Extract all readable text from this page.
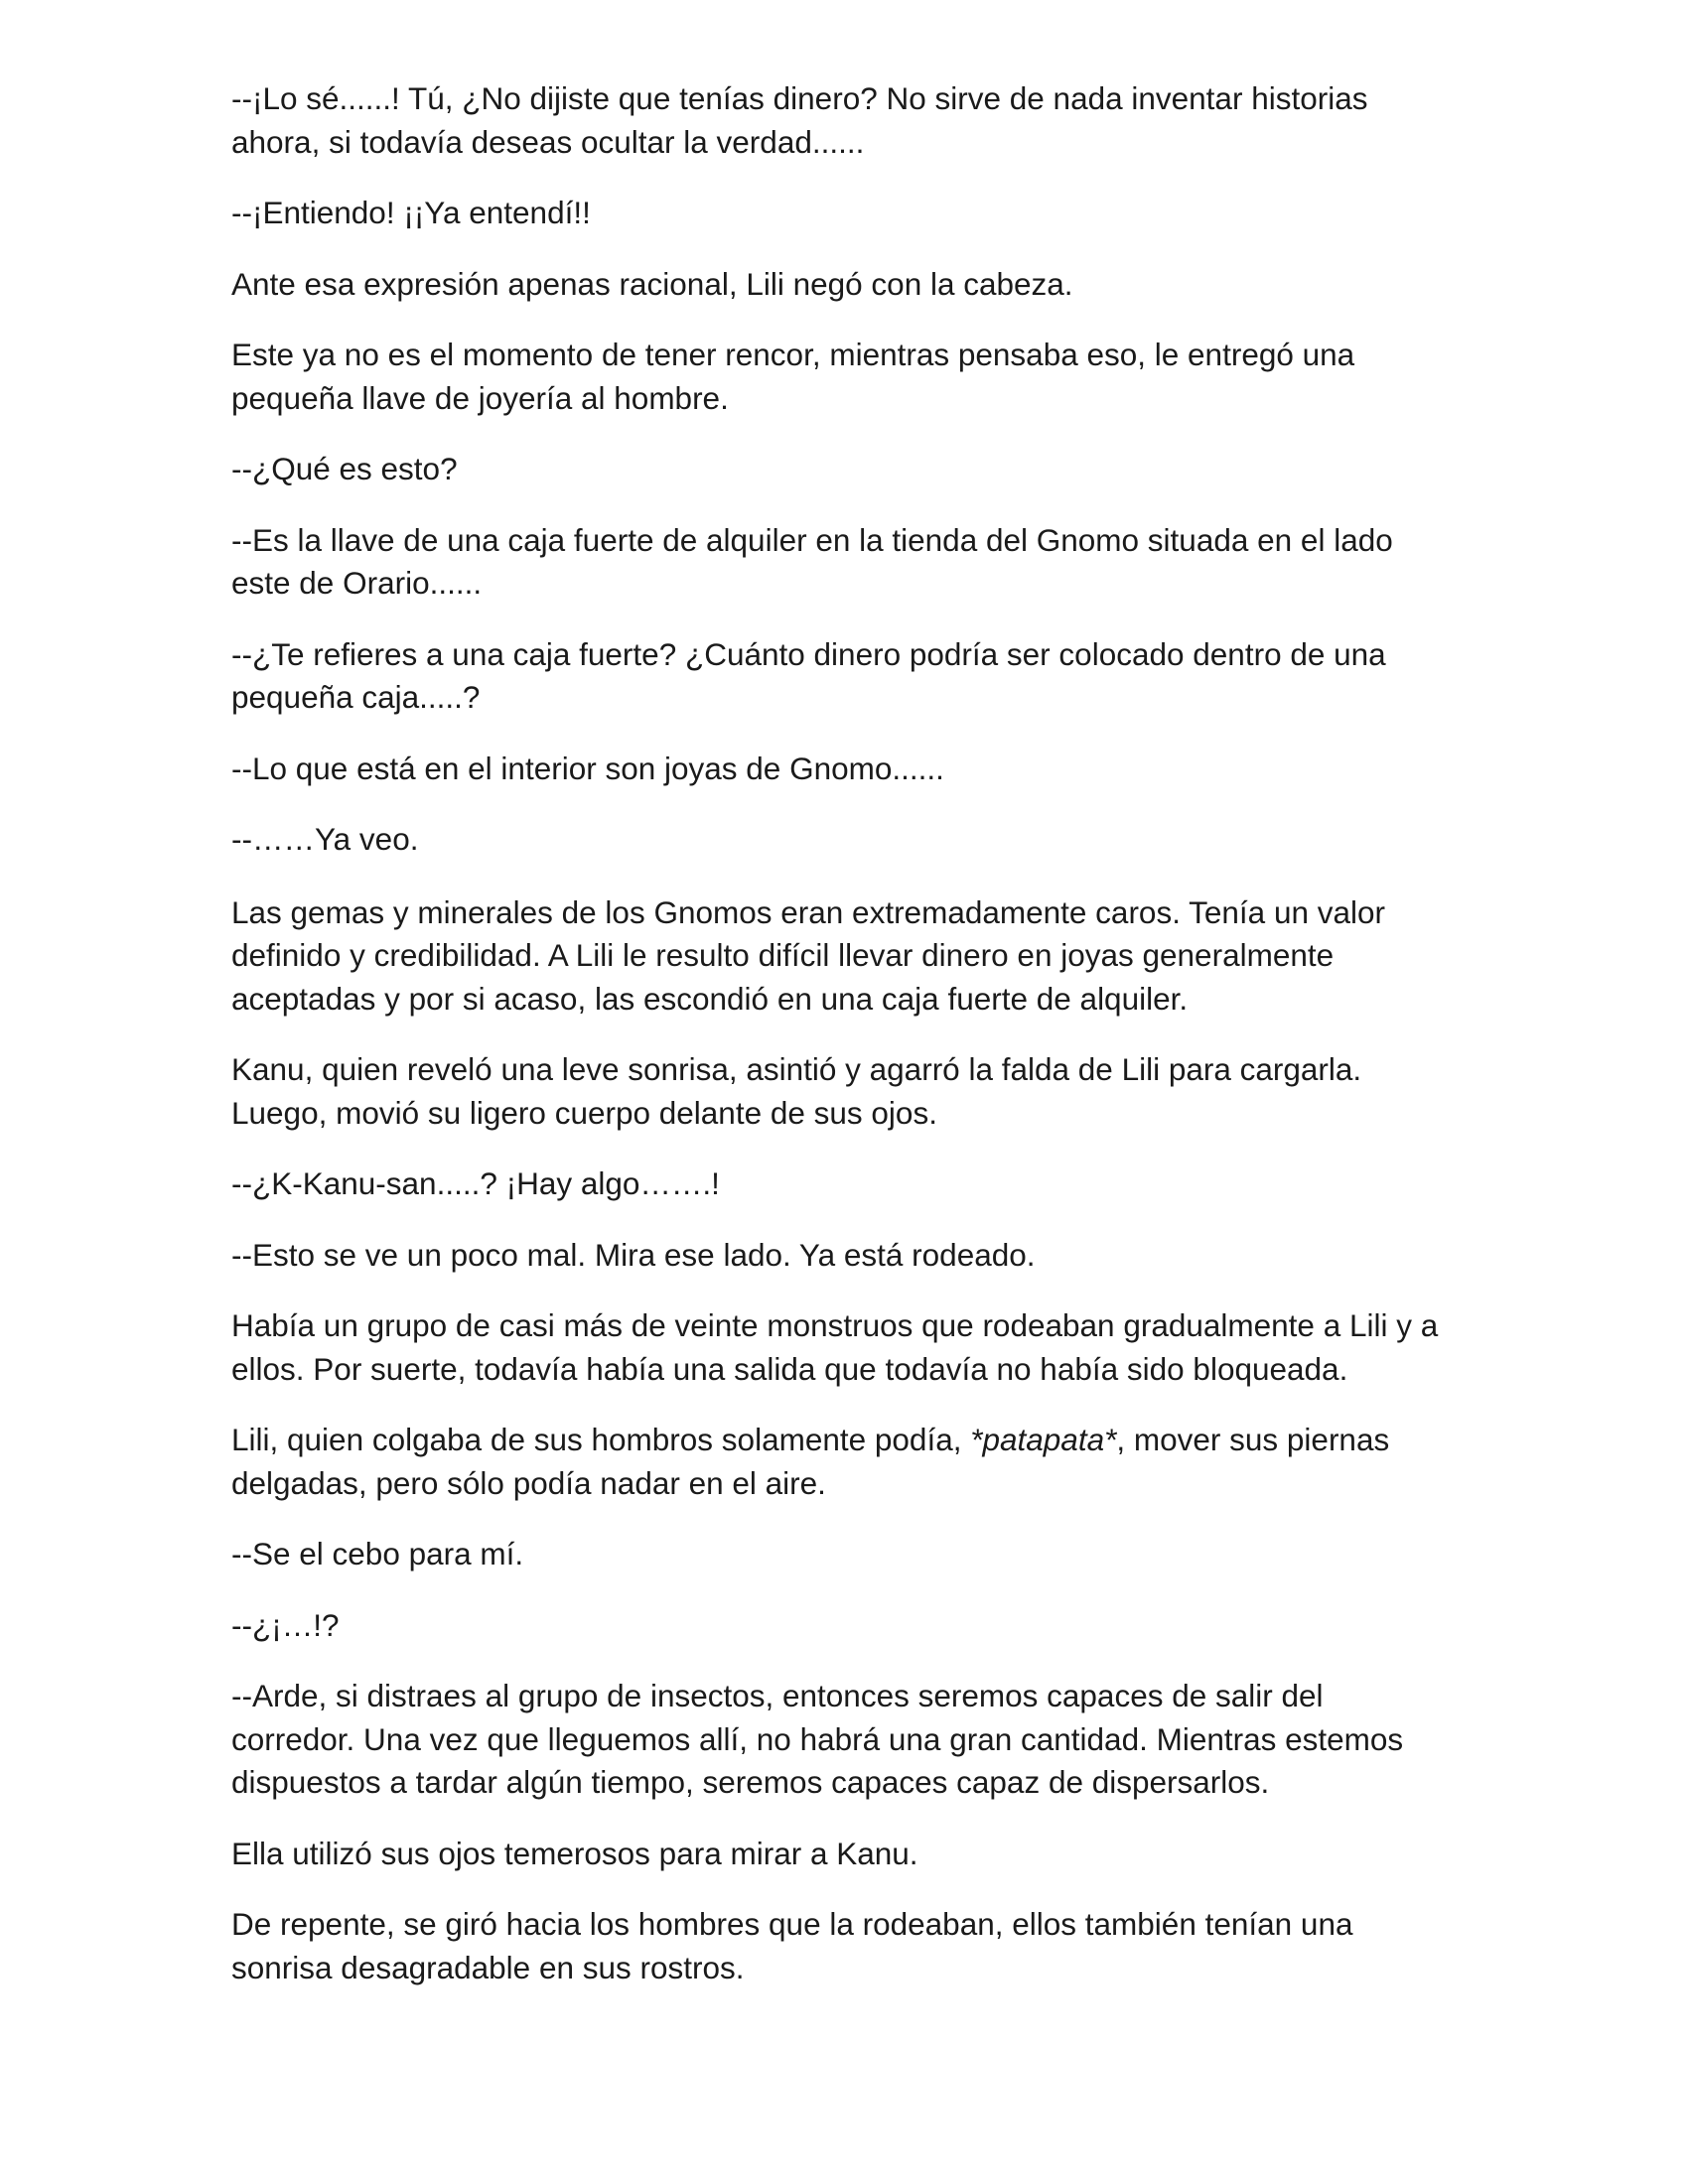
--¡Lo sé......! Tú, ¿No dijiste que tenías dinero? No sirve de nada inventar historias ahora, si todavía deseas ocultar la verdad......

--¡Entiendo! ¡¡Ya entendí!!

Ante esa expresión apenas racional, Lili negó con la cabeza.

Este ya no es el momento de tener rencor, mientras pensaba eso, le entregó una pequeña llave de joyería al hombre.

--¿Qué es esto?

--Es la llave de una caja fuerte de alquiler en la tienda del Gnomo situada en el lado este de Orario......

--¿Te refieres a una caja fuerte? ¿Cuánto dinero podría ser colocado dentro de una pequeña caja.....?

--Lo que está en el interior son joyas de Gnomo......

--……Ya veo.

Las gemas y minerales de los Gnomos eran extremadamente caros. Tenía un valor definido y credibilidad. A Lili le resulto difícil llevar dinero en joyas generalmente aceptadas y por si acaso, las escondió en una caja fuerte de alquiler.

Kanu, quien reveló una leve sonrisa, asintió y agarró la falda de Lili para cargarla. Luego, movió su ligero cuerpo delante de sus ojos.

--¿K-Kanu-san.....? ¡Hay algo…….!

--Esto se ve un poco mal. Mira ese lado. Ya está rodeado.

Había un grupo de casi más de veinte monstruos que rodeaban gradualmente a Lili y a ellos. Por suerte, todavía había una salida que todavía no había sido bloqueada.

Lili, quien colgaba de sus hombros solamente podía, *patapata*, mover sus piernas delgadas, pero sólo podía nadar en el aire.

--Se el cebo para mí.

--¿¡…!?

--Arde, si distraes al grupo de insectos, entonces seremos capaces de salir del corredor. Una vez que lleguemos allí, no habrá una gran cantidad. Mientras estemos dispuestos a tardar algún tiempo, seremos capaces capaz de dispersarlos.

Ella utilizó sus ojos temerosos para mirar a Kanu.

De repente, se giró hacia los hombres que la rodeaban, ellos también tenían una sonrisa desagradable en sus rostros.
